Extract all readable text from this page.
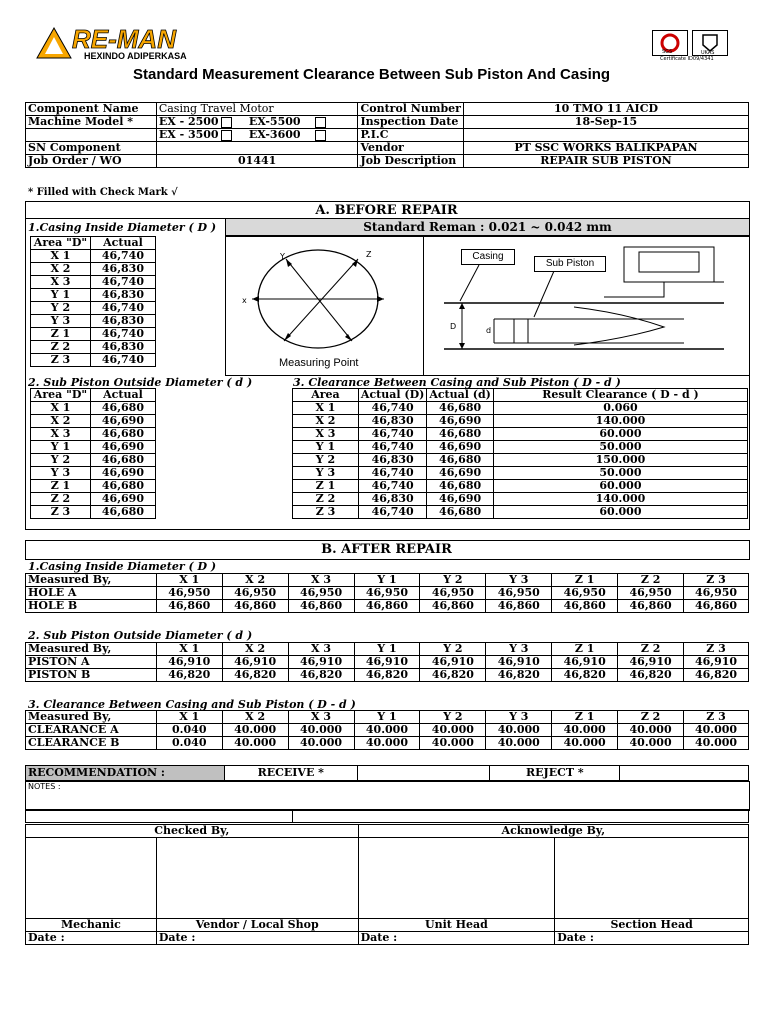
RE-MAN
HEXINDO ADIPERKASA	SGS	UKAS
Certificate ID09/4341
Standard Measurement Clearance Between Sub Piston And Casing
Component Name	Casing Travel Motor	Control Number	10 TMO 11 AICD
Machine Model *	EX - 2500 EX-5500	Inspection Date	18-Sep-15
	EX - 3500 EX-3600	P.I.C	
SN Component		Vendor	PT SSC WORKS BALIKPAPAN
Job Order / WO	01441	Job Description	REPAIR SUB PISTON
* Filled with Check Mark √
A. BEFORE REPAIR
1.Casing Inside Diameter ( D )	Standard Reman : 0.021 ~ 0.042 mm
Area "D"	Actual
X 1	46,740
X 2	46,830
X 3	46,740
Y 1	46,830
Y 2	46,740
Y 3	46,830
Z 1	46,740
Z 2	46,830
Z 3	46,740
x
Y	Z
Measuring Point
D	d
Casing
Sub Piston
2. Sub Piston Outside Diameter ( d )	3. Clearance Between Casing and Sub Piston ( D - d )
Area "D"	Actual
X 1	46,680
X 2	46,690
X 3	46,680
Y 1	46,690
Y 2	46,680
Y 3	46,690
Z 1	46,680
Z 2	46,690
Z 3	46,680
Area	Actual (D)	Actual (d)	Result Clearance ( D - d )
X 1	46,740	46,680	0.060
X 2	46,830	46,690	140.000
X 3	46,740	46,680	60.000
Y 1	46,740	46,690	50.000
Y 2	46,830	46,680	150.000
Y 3	46,740	46,690	50.000
Z 1	46,740	46,680	60.000
Z 2	46,830	46,690	140.000
Z 3	46,740	46,680	60.000
B. AFTER REPAIR
1.Casing Inside Diameter ( D )
Measured By,	X 1	X 2	X 3	Y 1	Y 2	Y 3	Z 1	Z 2	Z 3
HOLE A	46,950	46,950	46,950	46,950	46,950	46,950	46,950	46,950	46,950
HOLE B	46,860	46,860	46,860	46,860	46,860	46,860	46,860	46,860	46,860
2. Sub Piston Outside Diameter ( d )
Measured By,	X 1	X 2	X 3	Y 1	Y 2	Y 3	Z 1	Z 2	Z 3
PISTON A	46,910	46,910	46,910	46,910	46,910	46,910	46,910	46,910	46,910
PISTON B	46,820	46,820	46,820	46,820	46,820	46,820	46,820	46,820	46,820
3. Clearance Between Casing and Sub Piston ( D - d )
Measured By,	X 1	X 2	X 3	Y 1	Y 2	Y 3	Z 1	Z 2	Z 3
CLEARANCE A	0.040	40.000	40.000	40.000	40.000	40.000	40.000	40.000	40.000
CLEARANCE B	0.040	40.000	40.000	40.000	40.000	40.000	40.000	40.000	40.000
RECOMMENDATION :	RECEIVE *		REJECT *	
NOTES :

Checked By,		Acknowledge By,	

Mechanic	Vendor / Local Shop	Unit Head	Section Head
Date :	Date :	Date :	Date :
